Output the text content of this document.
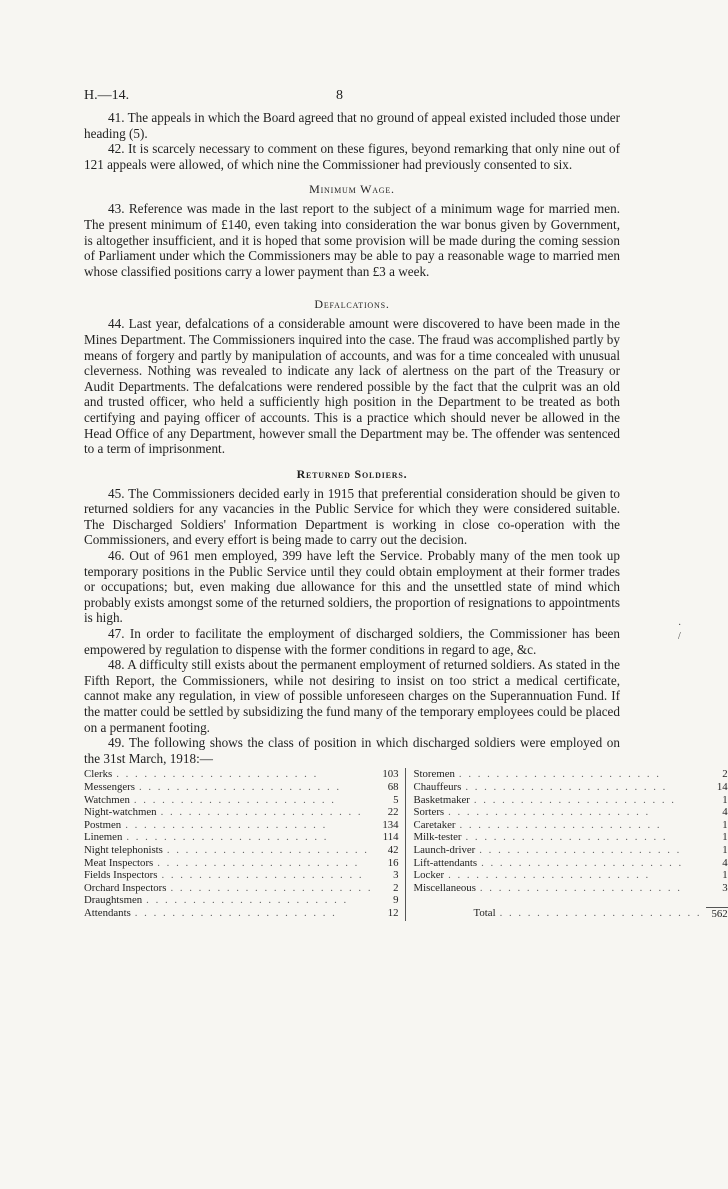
H.—14.	8

41. The appeals in which the Board agreed that no ground of appeal existed included those under heading (5).

42. It is scarcely necessary to comment on these figures, beyond remarking that only nine out of 121 appeals were allowed, of which nine the Commissioner had previously consented to six.

Minimum Wage.

43. Reference was made in the last report to the subject of a minimum wage for married men. The present minimum of £140, even taking into consideration the war bonus given by Government, is altogether insufficient, and it is hoped that some provision will be made during the coming session of Parliament under which the Commissioners may be able to pay a reasonable wage to married men whose classified positions carry a lower payment than £3 a week.

Defalcations.

44. Last year, defalcations of a considerable amount were discovered to have been made in the Mines Department. The Commissioners inquired into the case. The fraud was accomplished partly by means of forgery and partly by manipulation of accounts, and was for a time concealed with unusual cleverness. Nothing was revealed to indicate any lack of alertness on the part of the Treasury or Audit Departments. The defalcations were rendered possible by the fact that the culprit was an old and trusted officer, who held a sufficiently high position in the Department to be treated as both certifying and paying officer of accounts. This is a practice which should never be allowed in the Head Office of any Department, however small the Department may be. The offender was sentenced to a term of imprisonment.

Returned Soldiers.

45. The Commissioners decided early in 1915 that preferential consideration should be given to returned soldiers for any vacancies in the Public Service for which they were considered suitable. The Discharged Soldiers' Information Department is working in close co-operation with the Commissioners, and every effort is being made to carry out the decision.

46. Out of 961 men employed, 399 have left the Service. Probably many of the men took up temporary positions in the Public Service until they could obtain employment at their former trades or occupations; but, even making due allowance for this and the unsettled state of mind which probably exists amongst some of the returned soldiers, the proportion of resignations to appointments is high.

47. In order to facilitate the employment of discharged soldiers, the Commissioner has been empowered by regulation to dispense with the former conditions in regard to age, &c.

48. A difficulty still exists about the permanent employment of returned soldiers. As stated in the Fifth Report, the Commissioners, while not desiring to insist on too strict a medical certificate, cannot make any regulation, in view of possible unforeseen charges on the Superannuation Fund. If the matter could be settled by subsidizing the fund many of the temporary employees could be placed on a permanent footing.

49. The following shows the class of position in which discharged soldiers were employed on the 31st March, 1918:—

Clerks . . . . . . . . . . . . . . . . . . . . . . 103	Storemen . . . . . . . . . . . . . . . . . . . . . . 2

Messengers . . . . . . . . . . . . . . . . . . . . . . 68	Chauffeurs . . . . . . . . . . . . . . . . . . . . . . 14

Watchmen . . . . . . . . . . . . . . . . . . . . . . 5	Basketmaker . . . . . . . . . . . . . . . . . . . . . . 1

Night-watchmen . . . . . . . . . . . . . . . . . . . . . . 22	Sorters . . . . . . . . . . . . . . . . . . . . . . 4

Postmen . . . . . . . . . . . . . . . . . . . . . . 134	Caretaker . . . . . . . . . . . . . . . . . . . . . . 1

Linemen . . . . . . . . . . . . . . . . . . . . . . 114	Milk-tester . . . . . . . . . . . . . . . . . . . . . . 1

Night telephonists . . . . . . . . . . . . . . . . . . . . . . 42	Launch-driver . . . . . . . . . . . . . . . . . . . . . . 1

Meat Inspectors . . . . . . . . . . . . . . . . . . . . . . 16	Lift-attendants . . . . . . . . . . . . . . . . . . . . . . 4

Fields Inspectors . . . . . . . . . . . . . . . . . . . . . . 3	Locker . . . . . . . . . . . . . . . . . . . . . . 1

Orchard Inspectors . . . . . . . . . . . . . . . . . . . . . . 2	Miscellaneous . . . . . . . . . . . . . . . . . . . . . . 3

Draughtsmen . . . . . . . . . . . . . . . . . . . . . . 9	

Attendants . . . . . . . . . . . . . . . . . . . . . . 12	Total . . . . . . . . . . . . . . . . . . . . . . 562
·
/
